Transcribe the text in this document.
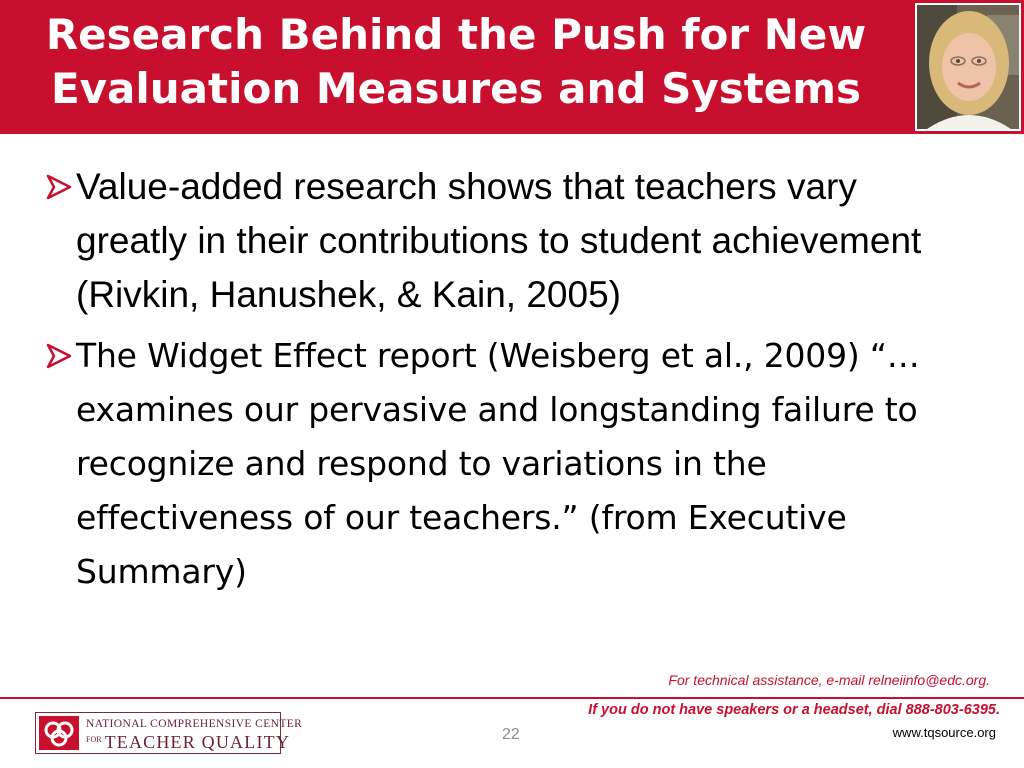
Research Behind the Push for New
Evaluation Measures and Systems
Value-added research shows that teachers vary greatly in their contributions to student achievement (Rivkin, Hanushek, & Kain, 2005)
The Widget Effect report (Weisberg et al., 2009) “…examines our pervasive and longstanding failure to recognize and respond to variations in the effectiveness of our teachers.” (from Executive Summary)
For technical assistance, e-mail relneiinfo@edc.org.
NATIONAL COMPREHENSIVE CENTER
$^{FOR}$ TEACHER QUALITY
If you do not have speakers or a headset, dial 888-803-6395.
22	www.tqsource.org
